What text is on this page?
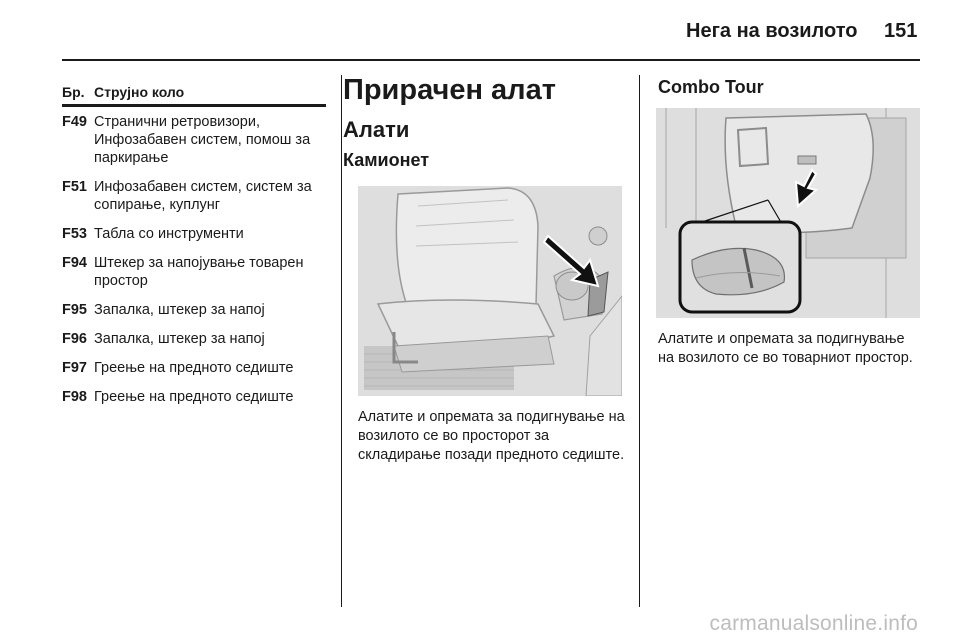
Нега на возилото 151
Бр. Струјно коло
F49 Странични ретровизори, Инфозабавен систем, помош за паркирање
F51 Инфозабавен систем, систем за сопирање, куплунг
F53 Табла со инструменти
F94 Штекер за напојување товарен простор
F95 Запалка, штекер за напој
F96 Запалка, штекер за напој
F97 Греење на предното седиште
F98 Греење на предното седиште
Прирачен алат
Алати
Камионет
Алатите и опремата за подигнување на возилото се во просторот за складирање позади предното седиште.
Combo Tour
Алатите и опремата за подигнување на возилото се во товарниот простор.
carmanualsonline.info
